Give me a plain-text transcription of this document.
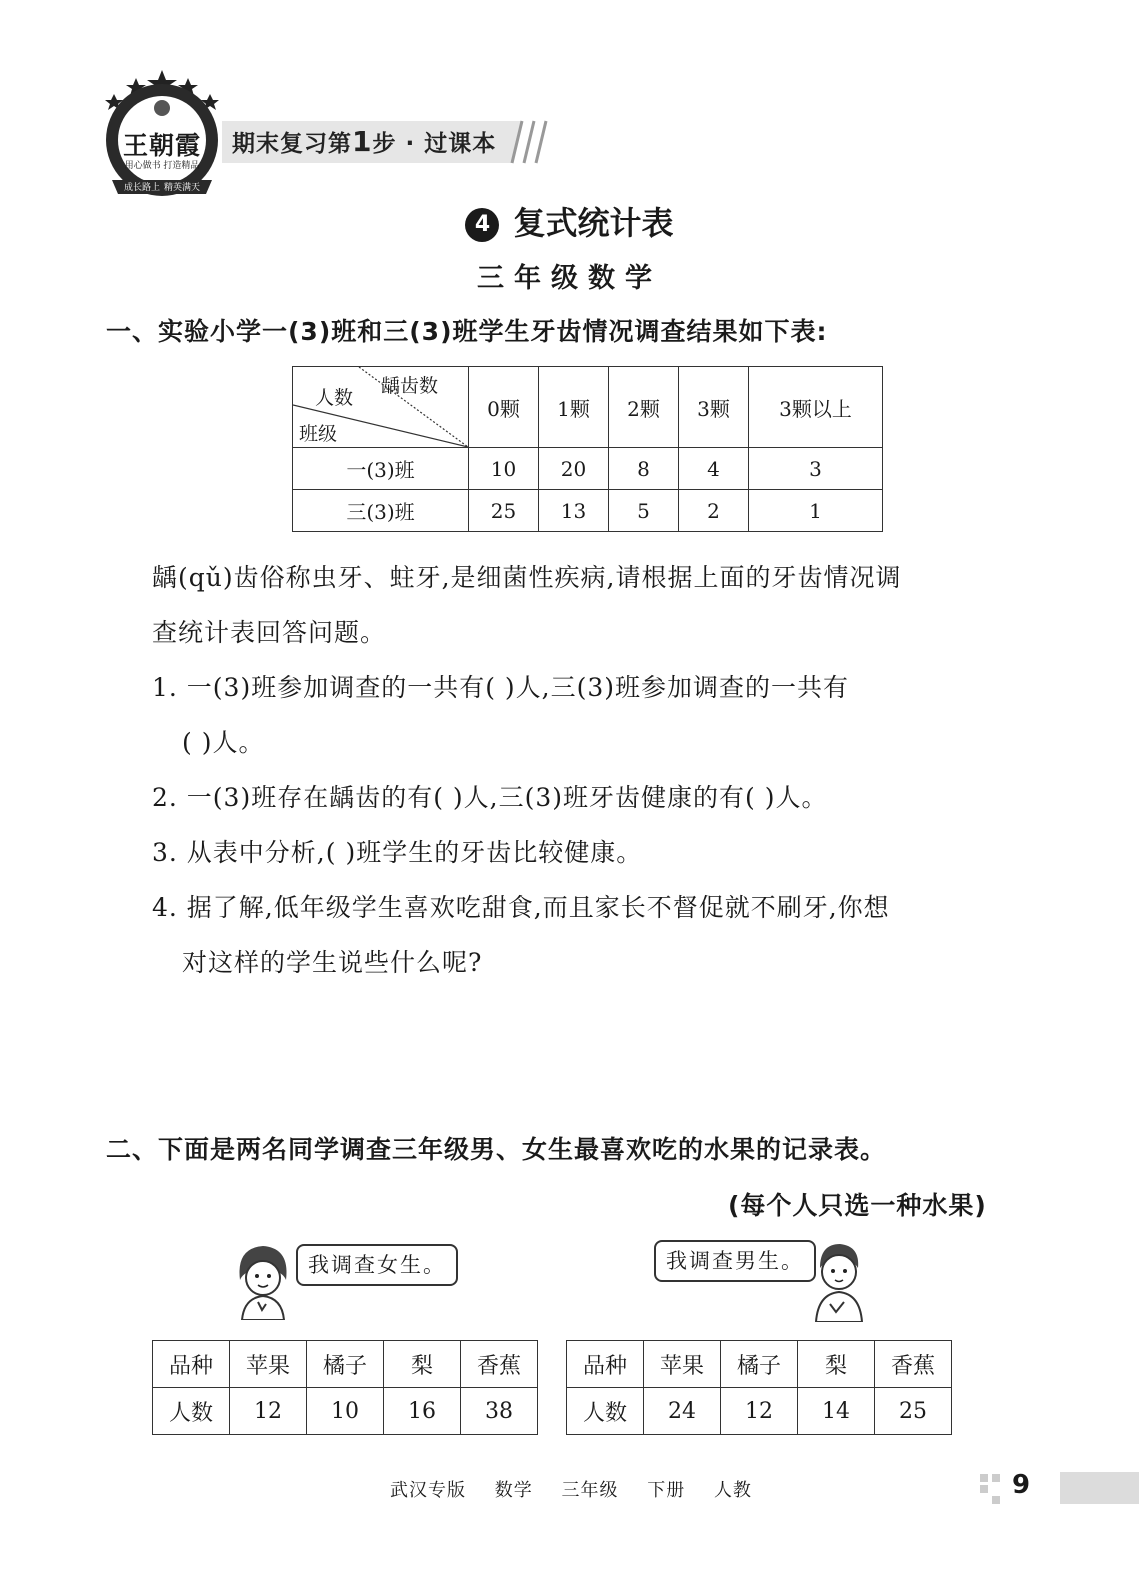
王朝霞
用心做书 打造精品
成长路上 精英满天
期末复习第1步 · 过课本
4 复式统计表
三年级数学
一、实验小学一(3)班和三(3)班学生牙齿情况调查结果如下表:
龋齿数
人数
班级	0颗	1颗	2颗	3颗	3颗以上
一(3)班	10	20	8	4	3
三(3)班	25	13	5	2	1
龋(qǔ)齿俗称虫牙、蛀牙,是细菌性疾病,请根据上面的牙齿情况调
查统计表回答问题。
1. 一(3)班参加调查的一共有( )人,三(3)班参加调查的一共有
( )人。
2. 一(3)班存在龋齿的有( )人,三(3)班牙齿健康的有( )人。
3. 从表中分析,( )班学生的牙齿比较健康。
4. 据了解,低年级学生喜欢吃甜食,而且家长不督促就不刷牙,你想
对这样的学生说些什么呢?
二、下面是两名同学调查三年级男、女生最喜欢吃的水果的记录表。
(每个人只选一种水果)
我调查女生。	我调查男生。
品种	苹果	橘子	梨	香蕉
人数	12	10	16	38
品种	苹果	橘子	梨	香蕉
人数	24	12	14	25
武汉专版 数学 三年级 下册 人教	9
